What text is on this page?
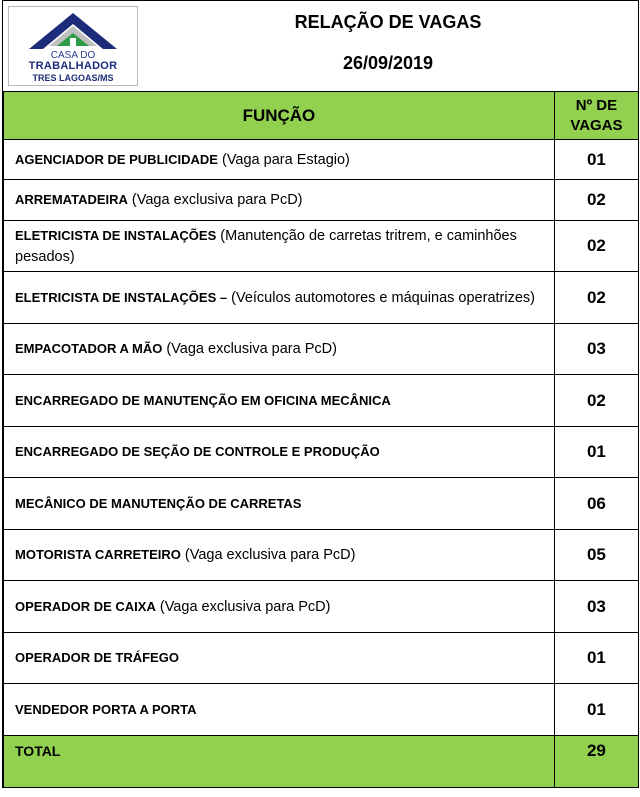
CASA DO
TRABALHADOR
TRES LAGOAS/MS
RELAÇÃO DE VAGAS
26/09/2019
FUNÇÃO	Nº DE
VAGAS
AGENCIADOR DE PUBLICIDADE (Vaga para Estagio)	01
ARREMATADEIRA (Vaga exclusiva para PcD)	02
ELETRICISTA DE INSTALAÇÕES (Manutenção de carretas tritrem, e caminhões pesados)	02
ELETRICISTA DE INSTALAÇÕES – (Veículos automotores e máquinas operatrizes)	02
EMPACOTADOR A MÃO (Vaga exclusiva para PcD)	03
ENCARREGADO DE MANUTENÇÃO EM OFICINA MECÂNICA	02
ENCARREGADO DE SEÇÃO DE CONTROLE E PRODUÇÃO	01
MECÂNICO DE MANUTENÇÃO DE CARRETAS	06
MOTORISTA CARRETEIRO (Vaga exclusiva para PcD)	05
OPERADOR DE CAIXA (Vaga exclusiva para PcD)	03
OPERADOR DE TRÁFEGO	01
VENDEDOR PORTA A PORTA	01
TOTAL	29
